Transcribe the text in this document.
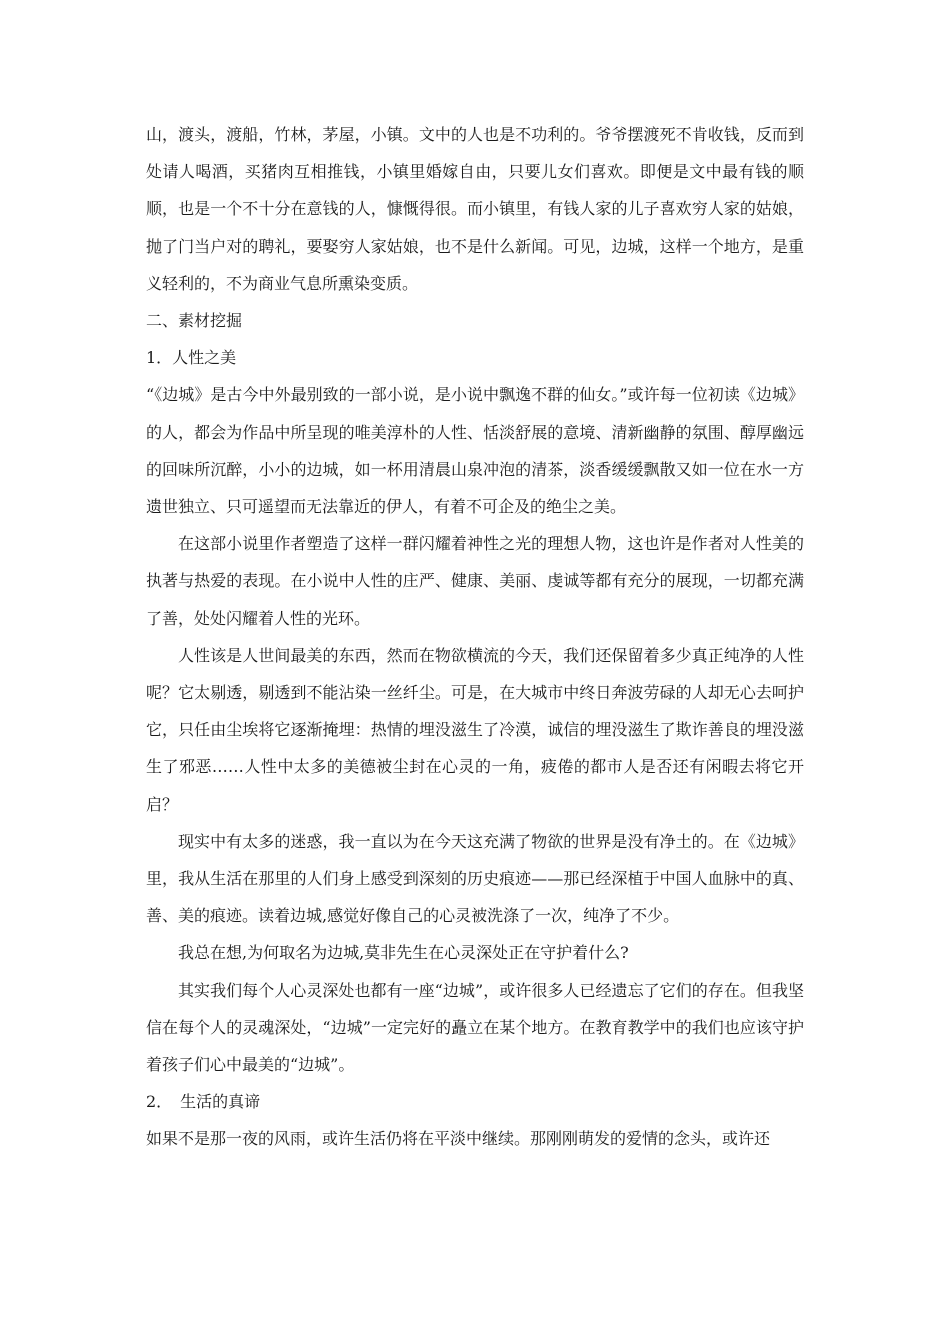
山，渡头，渡船，竹林，茅屋，小镇。文中的人也是不功利的。爷爷摆渡死不肯收钱，反而到处请人喝酒，买猪肉互相推钱，小镇里婚嫁自由，只要儿女们喜欢。即便是文中最有钱的顺顺，也是一个不十分在意钱的人，慷慨得很。而小镇里，有钱人家的儿子喜欢穷人家的姑娘，抛了门当户对的聘礼，要娶穷人家姑娘，也不是什么新闻。可见，边城，这样一个地方，是重义轻利的，不为商业气息所熏染变质。

二、素材挖掘

1．人性之美

“《边城》是古今中外最别致的一部小说，是小说中飘逸不群的仙女。”或许每一位初读《边城》的人，都会为作品中所呈现的唯美淳朴的人性、恬淡舒展的意境、清新幽静的氛围、醇厚幽远的回味所沉醉，小小的边城，如一杯用清晨山泉冲泡的清茶，淡香缓缓飘散又如一位在水一方遗世独立、只可遥望而无法靠近的伊人，有着不可企及的绝尘之美。

在这部小说里作者塑造了这样一群闪耀着神性之光的理想人物，这也许是作者对人性美的执著与热爱的表现。在小说中人性的庄严、健康、美丽、虔诚等都有充分的展现，一切都充满了善，处处闪耀着人性的光环。

人性该是人世间最美的东西，然而在物欲横流的今天，我们还保留着多少真正纯净的人性呢？它太剔透，剔透到不能沾染一丝纤尘。可是，在大城市中终日奔波劳碌的人却无心去呵护它，只任由尘埃将它逐渐掩埋：热情的埋没滋生了冷漠，诚信的埋没滋生了欺诈善良的埋没滋生了邪恶……人性中太多的美德被尘封在心灵的一角，疲倦的都市人是否还有闲暇去将它开启？

现实中有太多的迷惑，我一直以为在今天这充满了物欲的世界是没有净土的。在《边城》里，我从生活在那里的人们身上感受到深刻的历史痕迹——那已经深植于中国人血脉中的真、善、美的痕迹。读着边城,感觉好像自己的心灵被洗涤了一次，纯净了不少。

我总在想,为何取名为边城,莫非先生在心灵深处正在守护着什么?

其实我们每个人心灵深处也都有一座“边城”，或许很多人已经遗忘了它们的存在。但我坚信在每个人的灵魂深处，“边城”一定完好的矗立在某个地方。在教育教学中的我们也应该守护着孩子们心中最美的“边城”。

2．　生活的真谛

如果不是那一夜的风雨，或许生活仍将在平淡中继续。那刚刚萌发的爱情的念头，或许还
